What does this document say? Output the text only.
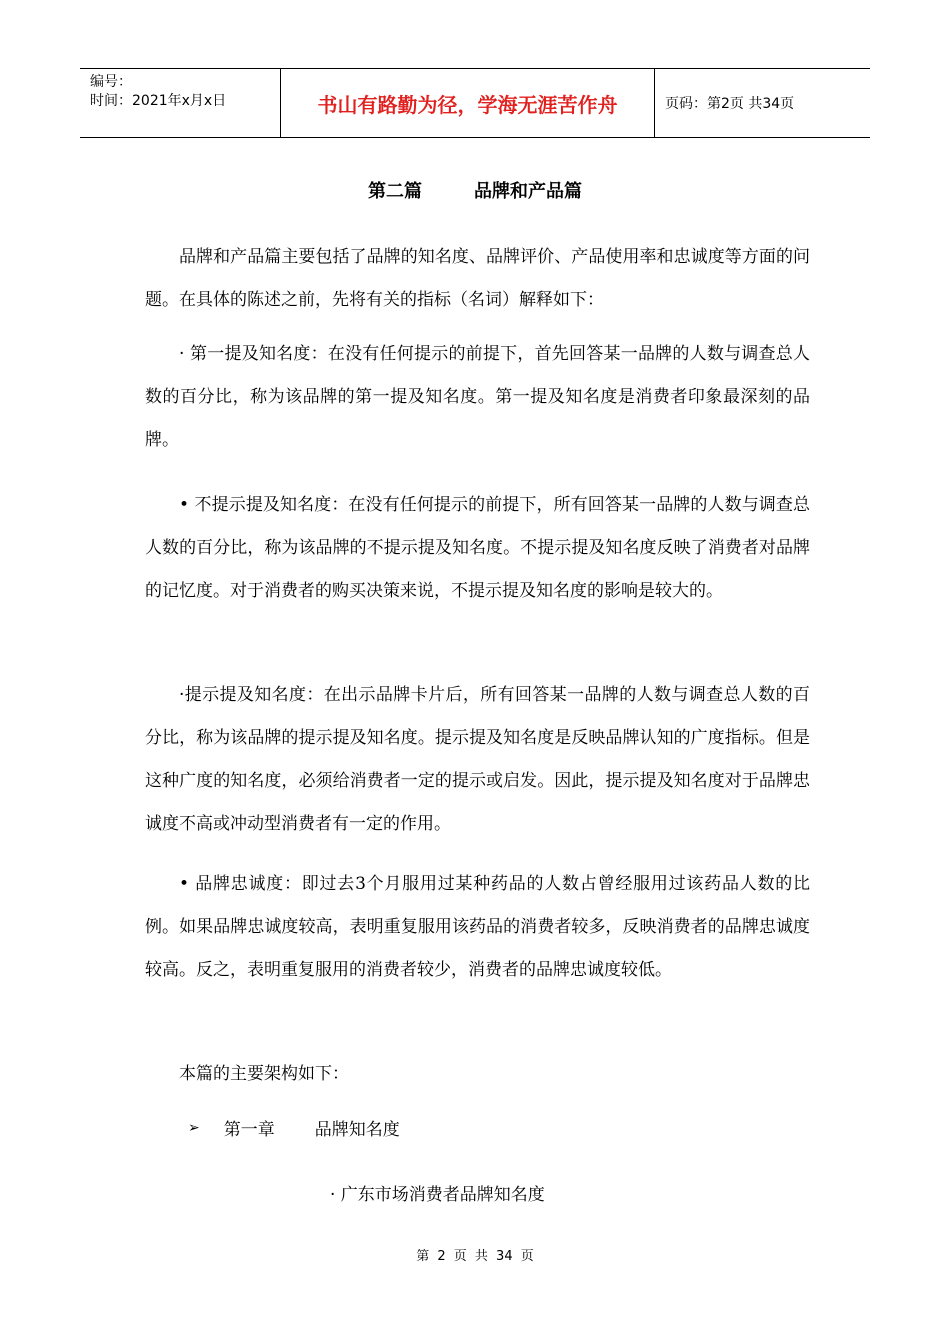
编号：
时间：2021年x月x日	书山有路勤为径，学海无涯苦作舟	页码：第2页 共34页
第二篇	品牌和产品篇

品牌和产品篇主要包括了品牌的知名度、品牌评价、产品使用率和忠诚度等方面的问题。在具体的陈述之前，先将有关的指标（名词）解释如下：

· 第一提及知名度：在没有任何提示的前提下，首先回答某一品牌的人数与调查总人数的百分比，称为该品牌的第一提及知名度。第一提及知名度是消费者印象最深刻的品牌。

• 不提示提及知名度：在没有任何提示的前提下，所有回答某一品牌的人数与调查总人数的百分比，称为该品牌的不提示提及知名度。不提示提及知名度反映了消费者对品牌的记忆度。对于消费者的购买决策来说，不提示提及知名度的影响是较大的。

·提示提及知名度：在出示品牌卡片后，所有回答某一品牌的人数与调查总人数的百分比，称为该品牌的提示提及知名度。提示提及知名度是反映品牌认知的广度指标。但是这种广度的知名度，必须给消费者一定的提示或启发。因此，提示提及知名度对于品牌忠诚度不高或冲动型消费者有一定的作用。

• 品牌忠诚度：即过去3个月服用过某种药品的人数占曾经服用过该药品人数的比例。如果品牌忠诚度较高，表明重复服用该药品的消费者较多，反映消费者的品牌忠诚度较高。反之，表明重复服用的消费者较少，消费者的品牌忠诚度较低。

本篇的主要架构如下：

➢ 第一章 品牌知名度
· 广东市场消费者品牌知名度
第 2 页 共 34 页
